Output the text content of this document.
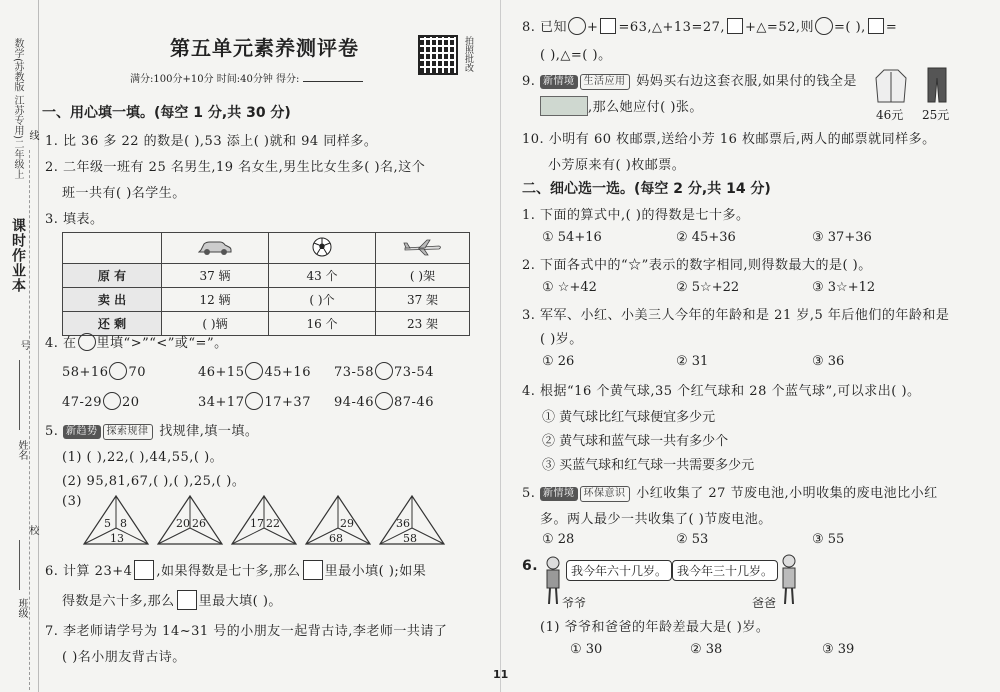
课时作业本
数学(苏教版 江苏专用)二年级上 线
号
姓名
校
班级
第五单元素养测评卷
满分:100分+10分 时间:40分钟 得分:
拍照批改
一、用心填一填。(每空 1 分,共 30 分)
1. 比 36 多 22 的数是( ),53 添上( )就和 94 同样多。
2. 二年级一班有 25 名男生,19 名女生,男生比女生多( )名,这个
班一共有( )名学生。
3. 填表。

原 有	37 辆	43 个	( )架
卖 出	12 辆	( )个	37 架
还 剩	( )辆	16 个	23 架
4. 在 里填“>”“<”或“=”。
58+16 70	46+15 45+16 73-58 73-54
47-29 20	34+17 17+37 94-46 87-46
5. 新趋势 探索规律 找规律,填一填。
(1) ( ),22,( ),44,55,( )。
(2) 95,81,67,( ),( ),25,( )。
(3)
5 8
13
20 26	17 22	29
68
36
58
6. 计算 23+4 ,如果得数是七十多,那么 里最小填( );如果
得数是六十多,那么 里最大填( )。
7. 李老师请学号为 14~31 号的小朋友一起背古诗,李老师一共请了
( )名小朋友背古诗。
8. 已知 + =63,△+13=27, +△=52,则 =( ), =
( ),△=( )。
9. 新情境 生活应用 妈妈买右边这套衣服,如果付的钱全是
,那么她应付( )张。	46元 25元
10. 小明有 60 枚邮票,送给小芳 16 枚邮票后,两人的邮票就同样多。
小芳原来有( )枚邮票。
二、细心选一选。(每空 2 分,共 14 分)
1. 下面的算式中,( )的得数是七十多。
① 54+16	② 45+36	③ 37+36
2. 下面各式中的“☆”表示的数字相同,则得数最大的是( )。
① ☆+42	② 5☆+22	③ 3☆+12
3. 军军、小红、小美三人今年的年龄和是 21 岁,5 年后他们的年龄和是
( )岁。
① 26	② 31	③ 36
4. 根据“16 个黄气球,35 个红气球和 28 个蓝气球”,可以求出( )。
① 黄气球比红气球便宜多少元
② 黄气球和蓝气球一共有多少个
③ 买蓝气球和红气球一共需要多少元
5. 新情境 环保意识 小红收集了 27 节废电池,小明收集的废电池比小红
多。两人最少一共收集了( )节废电池。
① 28	② 53	③ 55
6.	我今年六十几岁。 我今年三十几岁。
爷爷	爸爸
(1) 爷爷和爸爸的年龄差最大是( )岁。
① 30	② 38	③ 39
11
